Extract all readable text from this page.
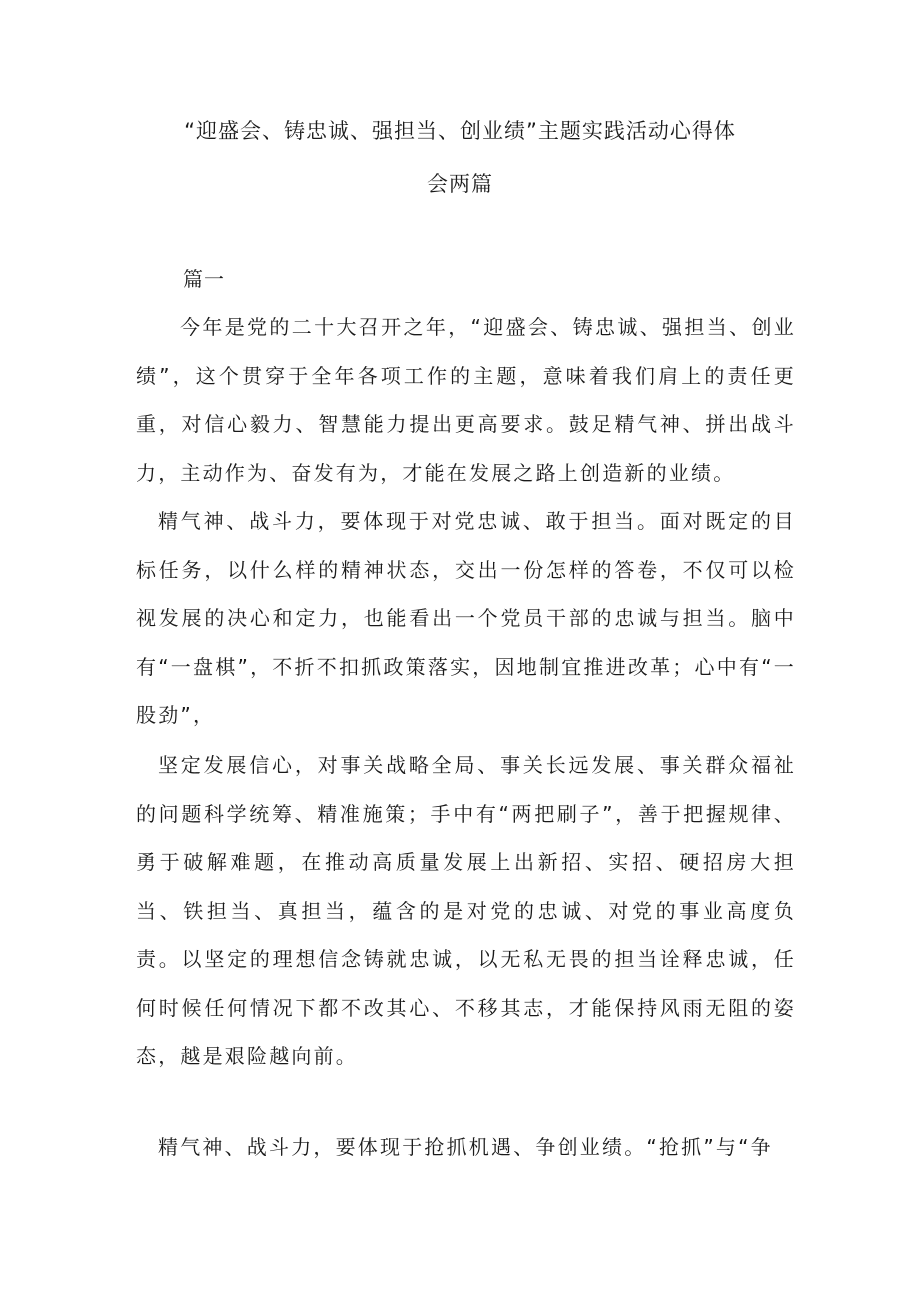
“迎盛会、铸忠诚、强担当、创业绩”主题实践活动心得体
会两篇
篇一

今年是党的二十大召开之年，“迎盛会、铸忠诚、强担当、创业绩”，这个贯穿于全年各项工作的主题，意味着我们肩上的责任更重，对信心毅力、智慧能力提出更高要求。鼓足精气神、拼出战斗力，主动作为、奋发有为，才能在发展之路上创造新的业绩。

精气神、战斗力，要体现于对党忠诚、敢于担当。面对既定的目标任务，以什么样的精神状态，交出一份怎样的答卷，不仅可以检视发展的决心和定力，也能看出一个党员干部的忠诚与担当。脑中有“一盘棋”，不折不扣抓政策落实，因地制宜推进改革；心中有“一股劲”，

坚定发展信心，对事关战略全局、事关长远发展、事关群众福祉的问题科学统筹、精准施策；手中有“两把刷子”，善于把握规律、勇于破解难题，在推动高质量发展上出新招、实招、硬招房大担当、铁担当、真担当，蕴含的是对党的忠诚、对党的事业高度负责。以坚定的理想信念铸就忠诚，以无私无畏的担当诠释忠诚，任何时候任何情况下都不改其心、不移其志，才能保持风雨无阻的姿态，越是艰险越向前。

精气神、战斗力，要体现于抢抓机遇、争创业绩。“抢抓”与“争
